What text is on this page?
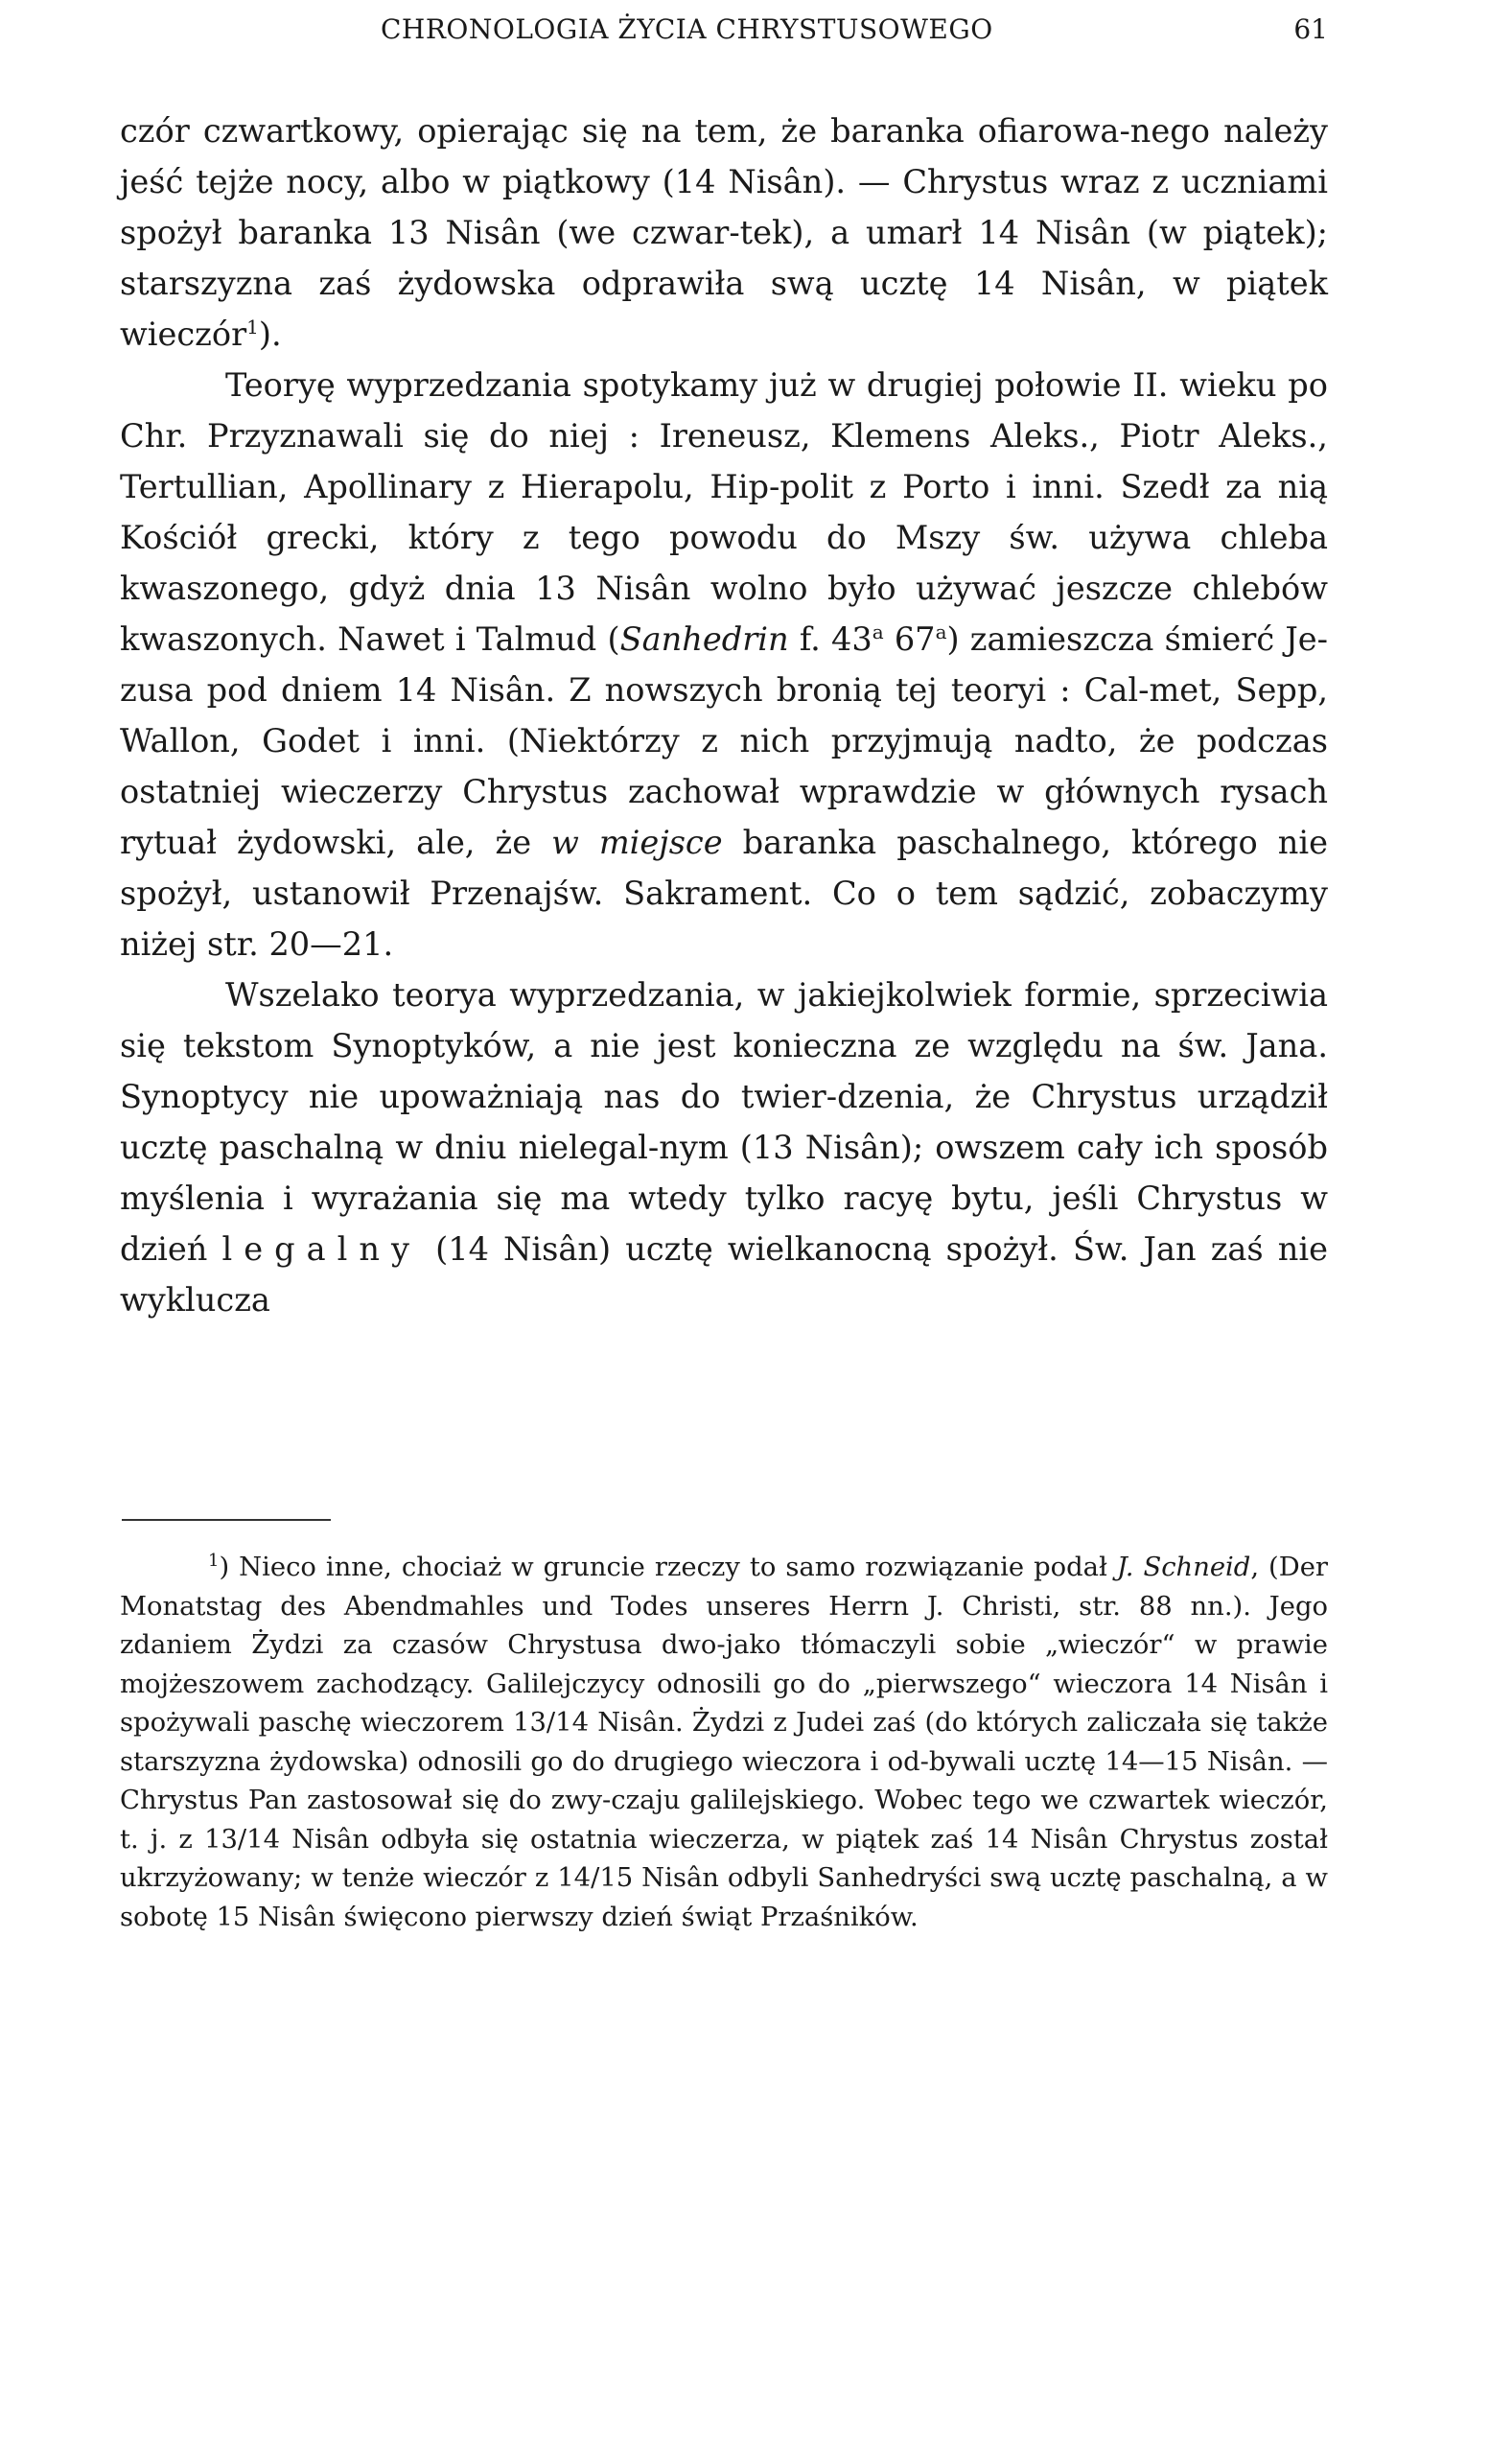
CHRONOLOGIA ŻYCIA CHRYSTUSOWEGO	61

czór czwartkowy, opierając się na tem, że baranka ofiarowa-nego należy jeść tejże nocy, albo w piątkowy (14 Nisân). — Chrystus wraz z uczniami spożył baranka 13 Nisân (we czwar-tek), a umarł 14 Nisân (w piątek); starszyzna zaś żydowska odprawiła swą ucztę 14 Nisân, w piątek wieczór$^1$).

Teoryę wyprzedzania spotykamy już w drugiej połowie II. wieku po Chr. Przyznawali się do niej : Ireneusz, Klemens Aleks., Piotr Aleks., Tertullian, Apollinary z Hierapolu, Hip-polit z Porto i inni. Szedł za nią Kościół grecki, który z tego powodu do Mszy św. używa chleba kwaszonego, gdyż dnia 13 Nisân wolno było używać jeszcze chlebów kwaszonych. Nawet i Talmud (Sanhedrin f. 43$^a$ 67$^a$) zamieszcza śmierć Je-zusa pod dniem 14 Nisân. Z nowszych bronią tej teoryi : Cal-met, Sepp, Wallon, Godet i inni. (Niektórzy z nich przyjmują nadto, że podczas ostatniej wieczerzy Chrystus zachował wprawdzie w głównych rysach rytuał żydowski, ale, że w miejsce baranka paschalnego, którego nie spożył, ustanowił Przenajśw. Sakrament. Co o tem sądzić, zobaczymy niżej str. 20—21.

Wszelako teorya wyprzedzania, w jakiejkolwiek formie, sprzeciwia się tekstom Synoptyków, a nie jest konieczna ze względu na św. Jana. Synoptycy nie upoważniają nas do twier-dzenia, że Chrystus urządził ucztę paschalną w dniu nielegal-nym (13 Nisân); owszem cały ich sposób myślenia i wyrażania się ma wtedy tylko racyę bytu, jeśli Chrystus w dzień legalny (14 Nisân) ucztę wielkanocną spożył. Św. Jan zaś nie wyklucza

$^1$) Nieco inne, chociaż w gruncie rzeczy to samo rozwiązanie podał J. Schneid, (Der Monatstag des Abendmahles und Todes unseres Herrn J. Christi, str. 88 nn.). Jego zdaniem Żydzi za czasów Chrystusa dwo-jako tłómaczyli sobie „wieczór“ w prawie mojżeszowem zachodzący. Galilejczycy odnosili go do „pierwszego“ wieczora 14 Nisân i spożywali paschę wieczorem 13/14 Nisân. Żydzi z Judei zaś (do których zaliczała się także starszyzna żydowska) odnosili go do drugiego wieczora i od-bywali ucztę 14—15 Nisân. — Chrystus Pan zastosował się do zwy-czaju galilejskiego. Wobec tego we czwartek wieczór, t. j. z 13/14 Nisân odbyła się ostatnia wieczerza, w piątek zaś 14 Nisân Chrystus został ukrzyżowany; w tenże wieczór z 14/15 Nisân odbyli Sanhedryści swą ucztę paschalną, a w sobotę 15 Nisân święcono pierwszy dzień świąt Przaśników.
